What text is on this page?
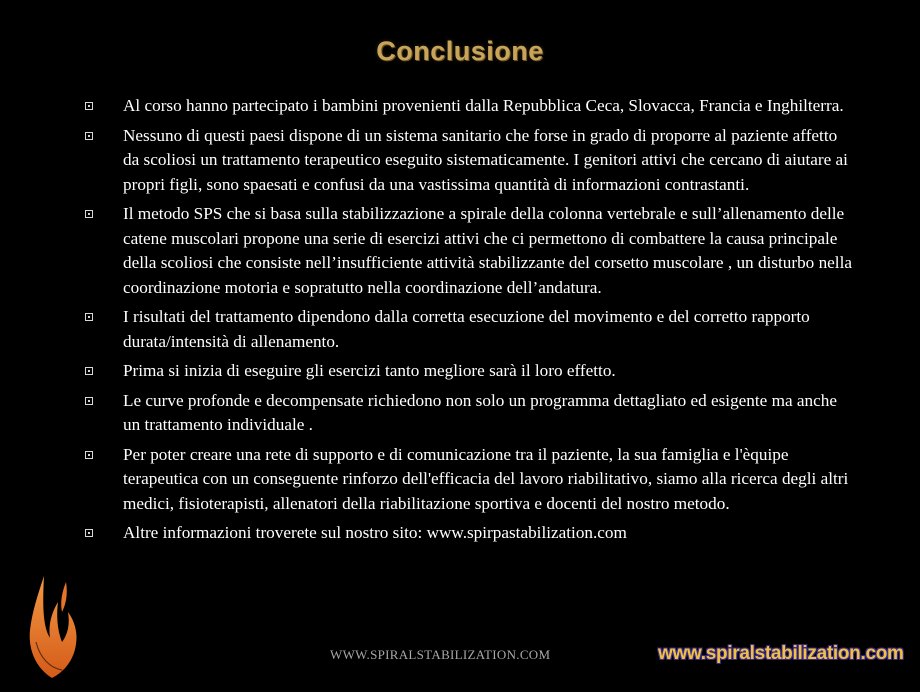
Conclusione
Al corso hanno partecipato i bambini provenienti dalla Repubblica Ceca, Slovacca, Francia e Inghilterra.
Nessuno di questi paesi dispone di un sistema sanitario che forse in grado di proporre al paziente affetto da scoliosi un trattamento terapeutico eseguito sistematicamente. I genitori attivi che cercano di aiutare ai propri figli, sono spaesati e confusi da una vastissima quantità di informazioni contrastanti.
Il metodo SPS che si basa sulla stabilizzazione a spirale della colonna vertebrale e sull’allenamento delle catene muscolari propone una serie di esercizi attivi che ci permettono di combattere la causa principale della scoliosi che consiste nell’insufficiente attività stabilizzante del corsetto muscolare , un disturbo nella coordinazione motoria e sopratutto nella coordinazione dell’andatura.
I risultati del trattamento dipendono dalla corretta esecuzione del movimento e del corretto rapporto durata/intensità di allenamento.
Prima si inizia di eseguire gli esercizi tanto megliore sarà il loro effetto.
Le curve profonde e decompensate richiedono non solo un programma dettagliato ed esigente ma anche un trattamento individuale .
Per poter creare una rete di supporto e di comunicazione tra il paziente, la sua famiglia e l'èquipe terapeutica con un conseguente rinforzo dell'efficacia del lavoro riabilitativo, siamo alla ricerca degli altri medici, fisioterapisti, allenatori della riabilitazione sportiva e docenti del nostro metodo.
Altre informazioni troverete sul nostro sito: www.spirpastabilization.com
WWW.SPIRALSTABILIZATION.COM	www.spiralstabilization.com
